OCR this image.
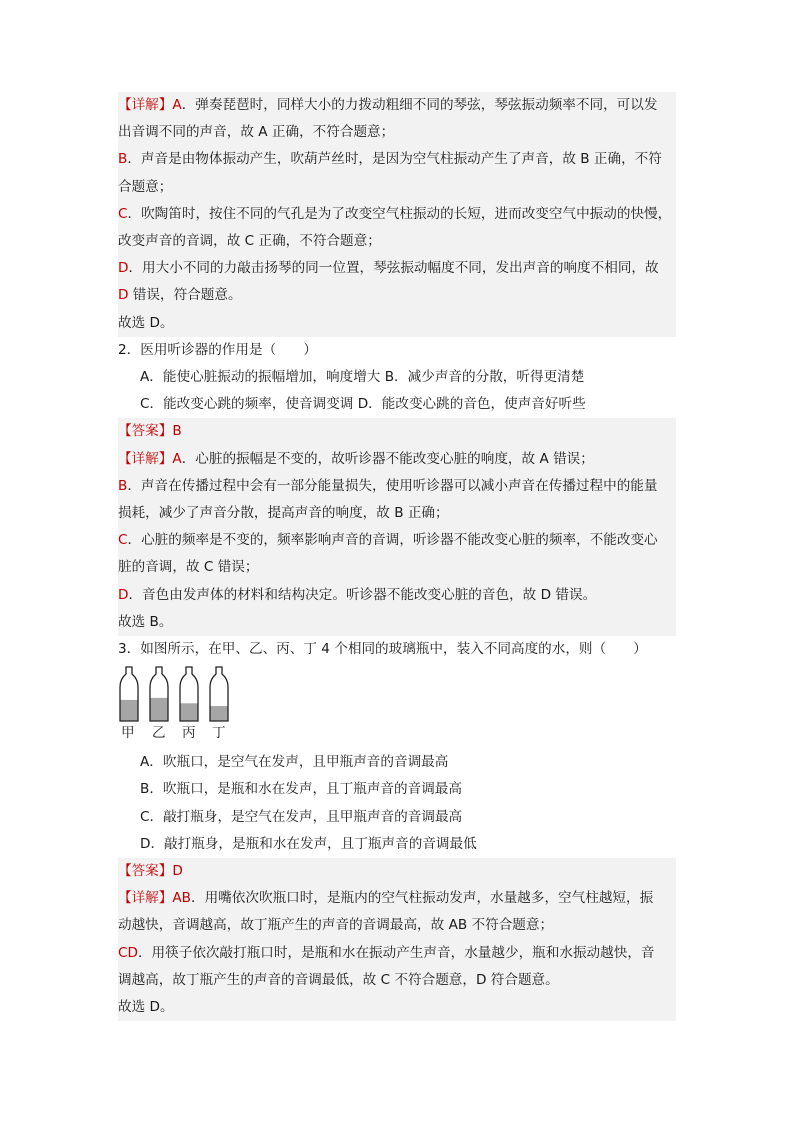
【详解】A．弹奏琵琶时，同样大小的力拨动粗细不同的琴弦，琴弦振动频率不同，可以发
出音调不同的声音，故 A 正确，不符合题意；
B．声音是由物体振动产生，吹葫芦丝时，是因为空气柱振动产生了声音，故 B 正确，不符
合题意；
C．吹陶笛时，按住不同的气孔是为了改变空气柱振动的长短，进而改变空气中振动的快慢，
改变声音的音调，故 C 正确，不符合题意；
D．用大小不同的力敲击扬琴的同一位置，琴弦振动幅度不同，发出声音的响度不相同，故
D 错误，符合题意。
故选 D。
2．医用听诊器的作用是（　　）
A．能使心脏振动的振幅增加，响度增大 B．减少声音的分散，听得更清楚
C．能改变心跳的频率，使音调变调 D．能改变心跳的音色，使声音好听些
【答案】B
【详解】A．心脏的振幅是不变的，故听诊器不能改变心脏的响度，故 A 错误；
B．声音在传播过程中会有一部分能量损失，使用听诊器可以减小声音在传播过程中的能量
损耗，减少了声音分散，提高声音的响度，故 B 正确；
C．心脏的频率是不变的，频率影响声音的音调，听诊器不能改变心脏的频率，不能改变心
脏的音调，故 C 错误；
D．音色由发声体的材料和结构决定。听诊器不能改变心脏的音色，故 D 错误。
故选 B。
3．如图所示，在甲、乙、丙、丁 4 个相同的玻璃瓶中，装入不同高度的水，则（　　）
甲 乙 丙 丁
A．吹瓶口，是空气在发声，且甲瓶声音的音调最高
B．吹瓶口，是瓶和水在发声，且丁瓶声音的音调最高
C．敲打瓶身，是空气在发声，且甲瓶声音的音调最高
D．敲打瓶身，是瓶和水在发声，且丁瓶声音的音调最低
【答案】D
【详解】AB．用嘴依次吹瓶口时，是瓶内的空气柱振动发声，水量越多，空气柱越短，振
动越快，音调越高，故丁瓶产生的声音的音调最高，故 AB 不符合题意；
CD．用筷子依次敲打瓶口时，是瓶和水在振动产生声音，水量越少，瓶和水振动越快，音
调越高，故丁瓶产生的声音的音调最低，故 C 不符合题意，D 符合题意。
故选 D。
